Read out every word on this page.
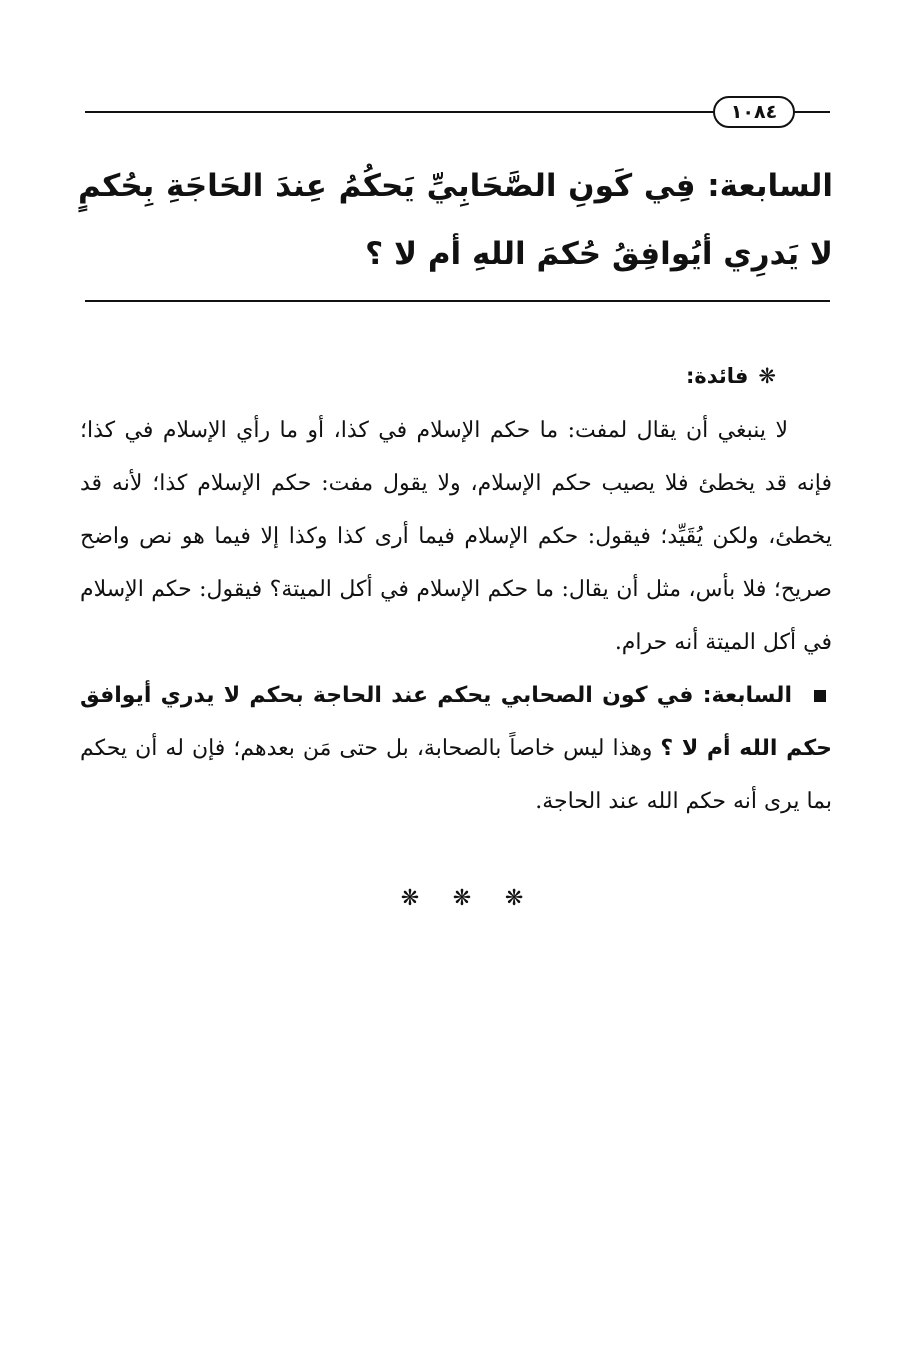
١٠٨٤
السابعة: فِي كَونِ الصَّحَابِيِّ يَحكُمُ عِندَ الحَاجَةِ بِحُكمٍ لا يَدرِي أيُوافِقُ حُكمَ اللهِ أم لا ؟
❋فائدة:
لا ينبغي أن يقال لمفت: ما حكم الإسلام في كذا، أو ما رأي الإسلام في كذا؛ فإنه قد يخطئ فلا يصيب حكم الإسلام، ولا يقول مفت: حكم الإسلام كذا؛ لأنه قد يخطئ، ولكن يُقَيِّد؛ فيقول: حكم الإسلام فيما أرى كذا وكذا إلا فيما هو نص واضح صريح؛ فلا بأس، مثل أن يقال: ما حكم الإسلام في أكل الميتة؟ فيقول: حكم الإسلام في أكل الميتة أنه حرام.
السابعة: في كون الصحابي يحكم عند الحاجة بحكم لا يدري أيوافق حكم الله أم لا ؟ وهذا ليس خاصاً بالصحابة، بل حتى مَن بعدهم؛ فإن له أن يحكم بما يرى أنه حكم الله عند الحاجة.
❋ ❋ ❋
